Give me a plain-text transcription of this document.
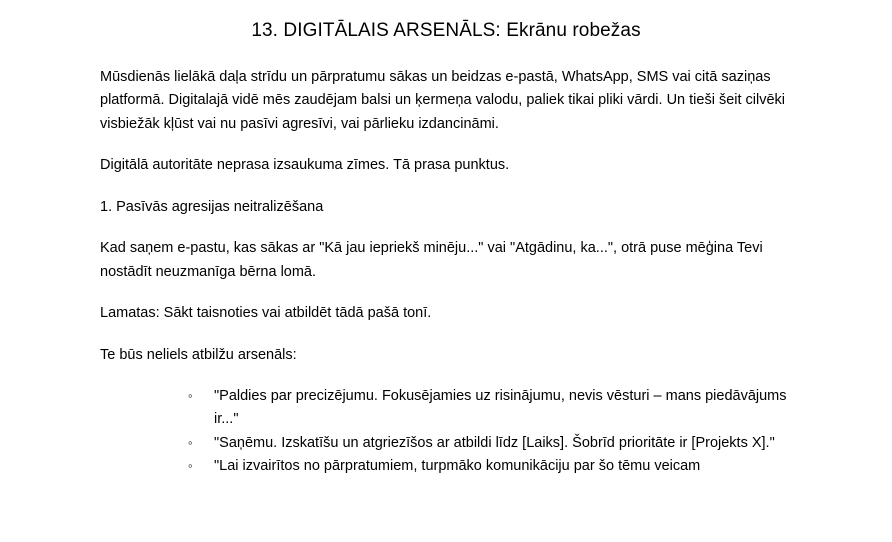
13. DIGITĀLAIS ARSENĀLS: Ekrānu robežas

Mūsdienās lielākā daļa strīdu un pārpratumu sākas un beidzas e-pastā, WhatsApp, SMS vai citā saziņas platformā. Digitalajā vidē mēs zaudējam balsi un ķermeņa valodu, paliek tikai pliki vārdi. Un tieši šeit cilvēki visbiežāk kļūst vai nu pasīvi agresīvi, vai pārlieku izdancināmi.

Digitālā autoritāte neprasa izsaukuma zīmes. Tā prasa punktus.

1. Pasīvās agresijas neitralizēšana

Kad saņem e-pastu, kas sākas ar "Kā jau iepriekš minēju..." vai "Atgādinu, ka...", otrā puse mēģina Tevi nostādīt neuzmanīga bērna lomā.

Lamatas: Sākt taisnoties vai atbildēt tādā pašā tonī.

Te būs neliels atbilžu arsenāls:

◦ "Paldies par precizējumu. Fokusējamies uz risinājumu, nevis vēsturi – mans piedāvājums ir..."
◦ "Saņēmu. Izskatīšu un atgriezīšos ar atbildi līdz [Laiks]. Šobrīd prioritāte ir [Projekts X]."
◦ "Lai izvairītos no pārpratumiem, turpmāko komunikāciju par šo tēmu veicam
